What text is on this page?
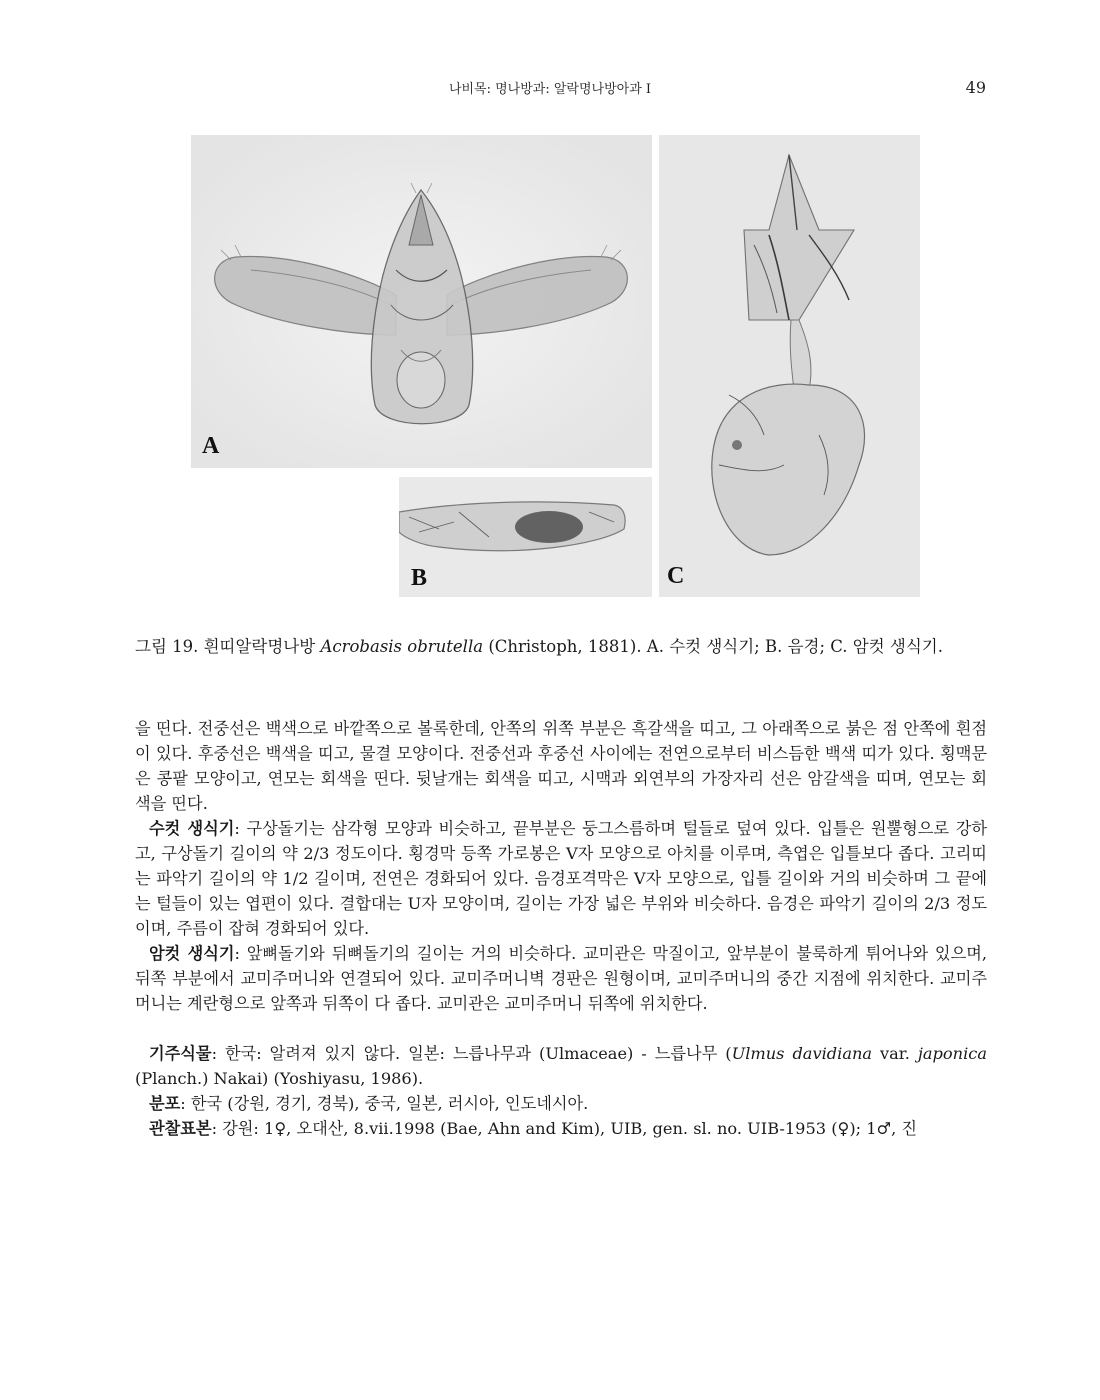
나비목: 명나방과: 알락명나방아과 I	49
A
B	C
그림 19. 흰띠알락명나방 Acrobasis obrutella (Christoph, 1881). A. 수컷 생식기; B. 음경; C. 암컷 생식기.

을 띤다. 전중선은 백색으로 바깥쪽으로 볼록한데, 안쪽의 위쪽 부분은 흑갈색을 띠고, 그 아래쪽으로 붉은 점 안쪽에 흰점이 있다. 후중선은 백색을 띠고, 물결 모양이다. 전중선과 후중선 사이에는 전연으로부터 비스듬한 백색 띠가 있다. 횡맥문은 콩팥 모양이고, 연모는 회색을 띤다. 뒷날개는 회색을 띠고, 시맥과 외연부의 가장자리 선은 암갈색을 띠며, 연모는 회색을 띤다.

수컷 생식기: 구상돌기는 삼각형 모양과 비슷하고, 끝부분은 둥그스름하며 털들로 덮여 있다. 입틀은 원뿔형으로 강하고, 구상돌기 길이의 약 2/3 정도이다. 횡경막 등쪽 가로봉은 V자 모양으로 아치를 이루며, 측엽은 입틀보다 좁다. 고리띠는 파악기 길이의 약 1/2 길이며, 전연은 경화되어 있다. 음경포격막은 V자 모양으로, 입틀 길이와 거의 비슷하며 그 끝에는 털들이 있는 엽편이 있다. 결합대는 U자 모양이며, 길이는 가장 넓은 부위와 비슷하다. 음경은 파악기 길이의 2/3 정도이며, 주름이 잡혀 경화되어 있다.

암컷 생식기: 앞뼈돌기와 뒤뼈돌기의 길이는 거의 비슷하다. 교미관은 막질이고, 앞부분이 불룩하게 튀어나와 있으며, 뒤쪽 부분에서 교미주머니와 연결되어 있다. 교미주머니벽 경판은 원형이며, 교미주머니의 중간 지점에 위치한다. 교미주머니는 계란형으로 앞쪽과 뒤쪽이 다 좁다. 교미관은 교미주머니 뒤쪽에 위치한다.

기주식물: 한국: 알려져 있지 않다. 일본: 느릅나무과 (Ulmaceae) - 느릅나무 (Ulmus davidiana var. japonica (Planch.) Nakai) (Yoshiyasu, 1986).

분포: 한국 (강원, 경기, 경북), 중국, 일본, 러시아, 인도네시아.

관찰표본: 강원: 1♀, 오대산, 8.vii.1998 (Bae, Ahn and Kim), UIB, gen. sl. no. UIB-1953 (♀); 1♂, 진
